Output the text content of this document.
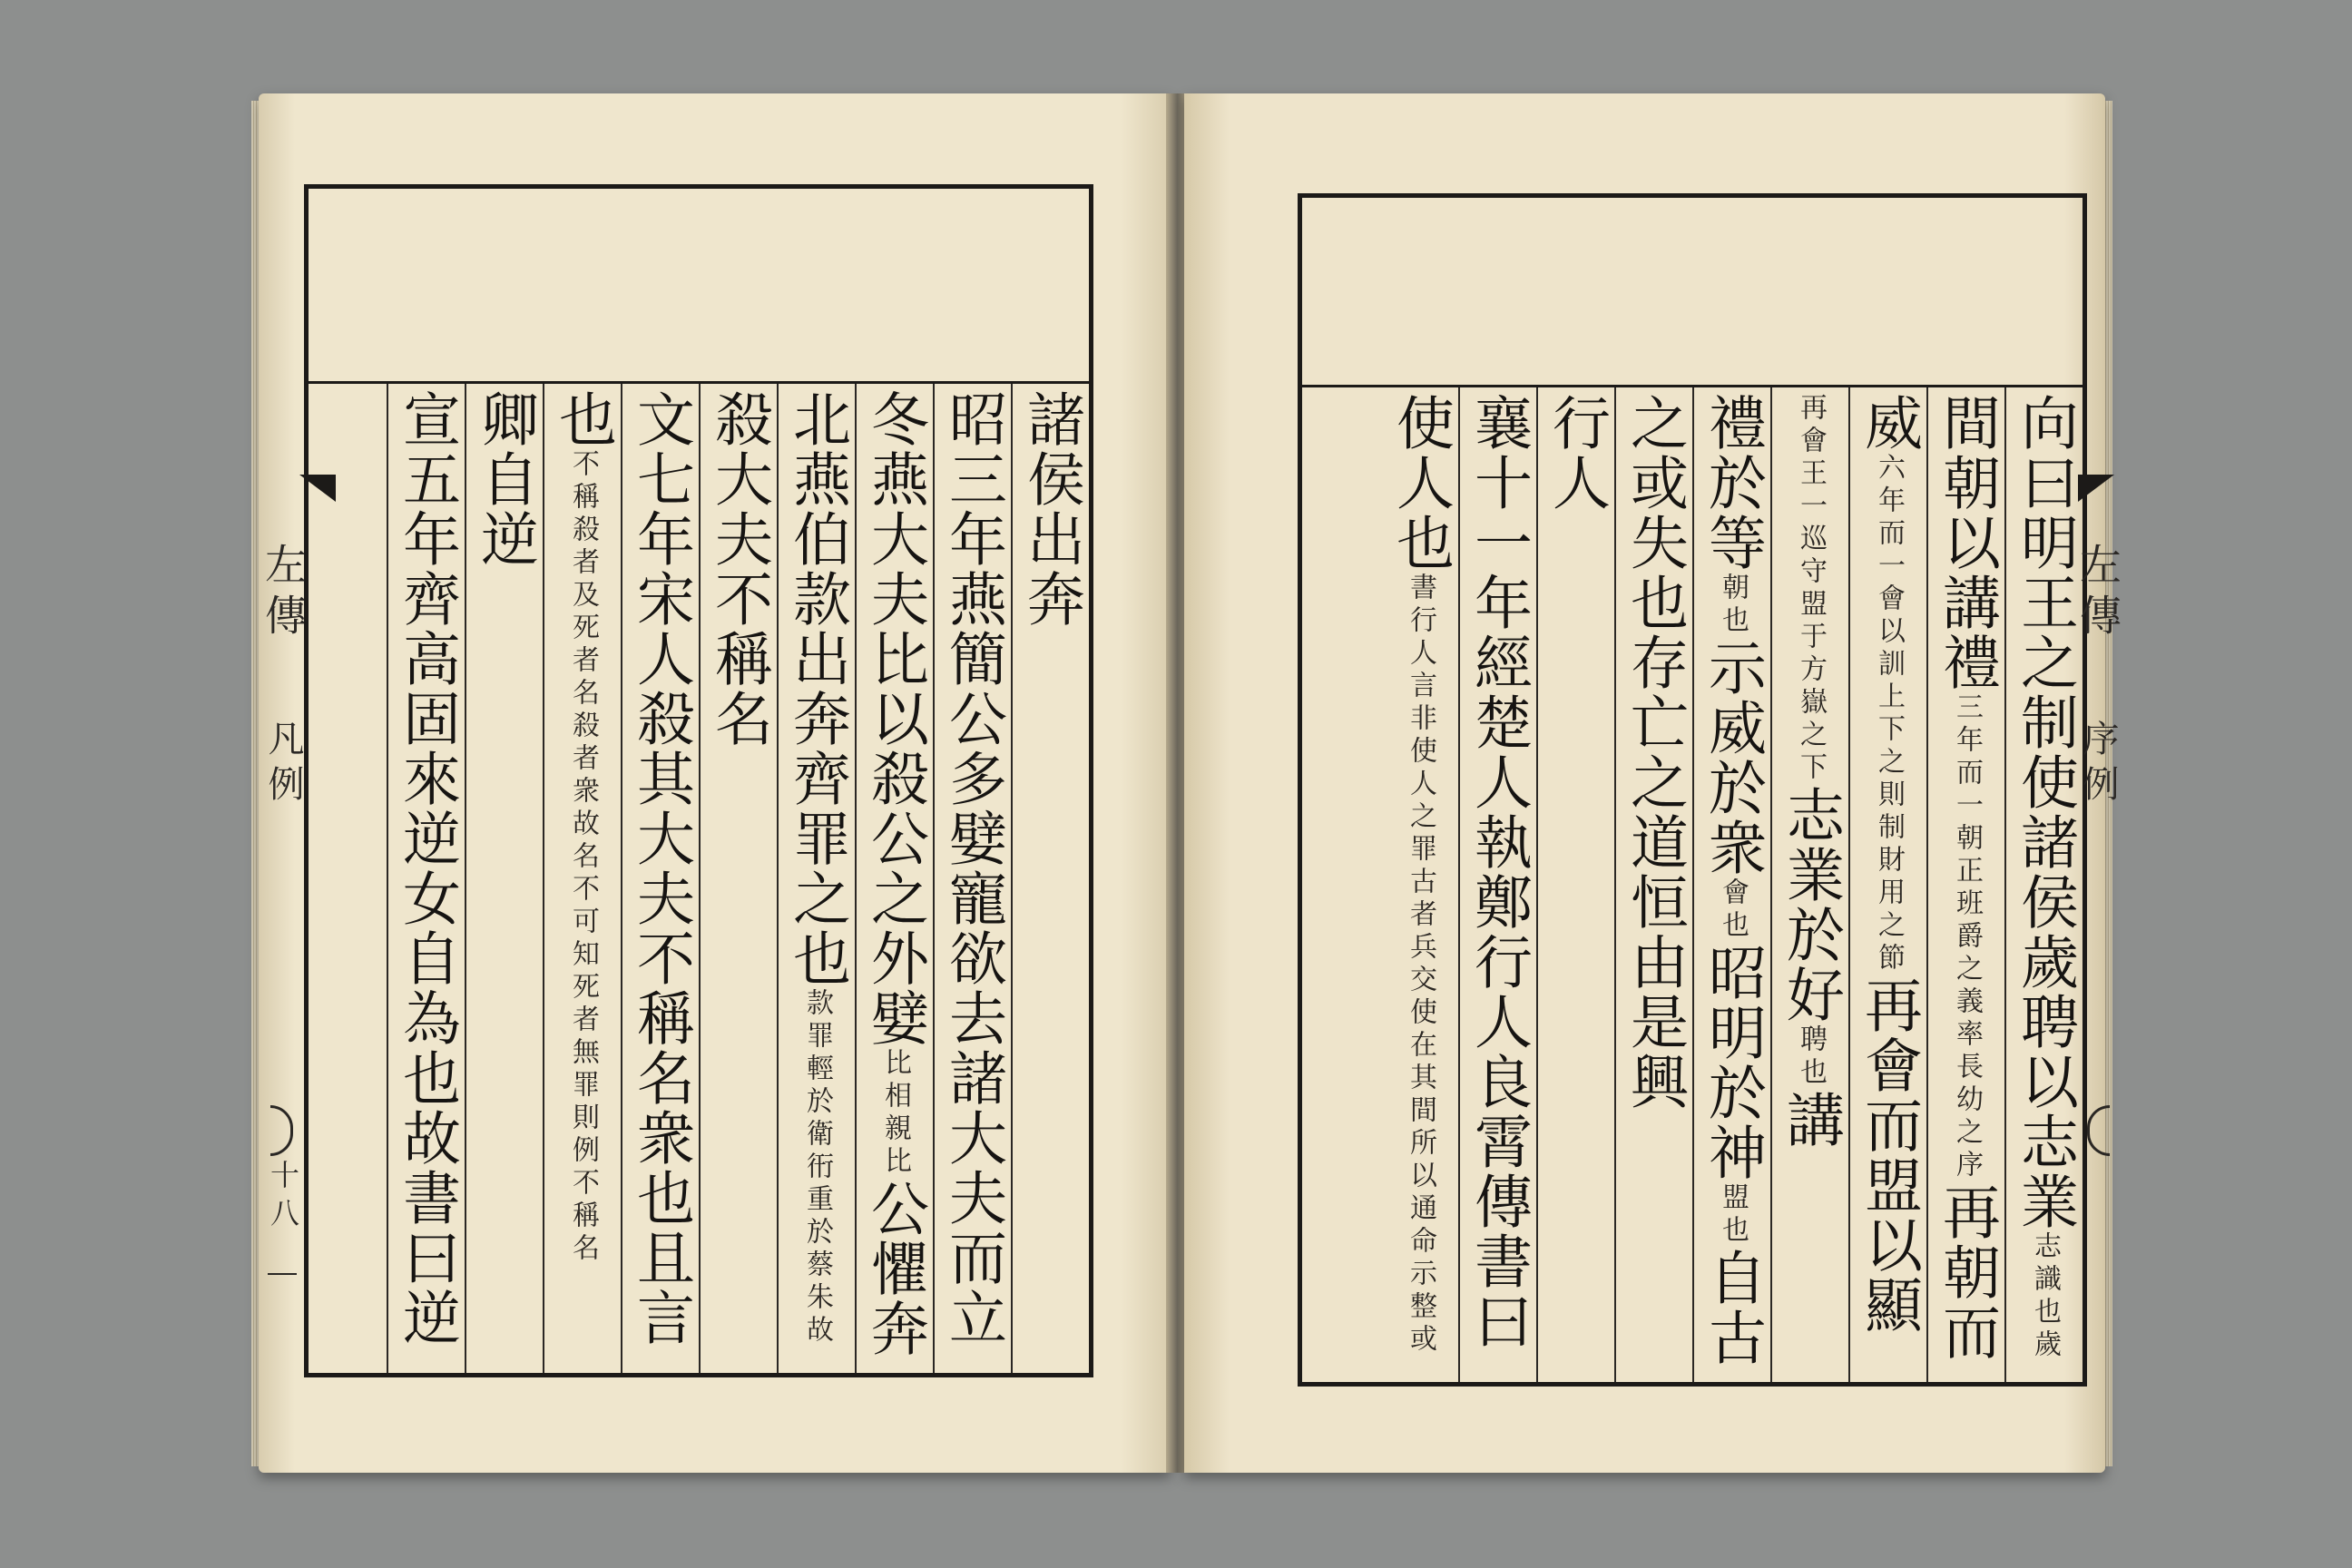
左傳
凡例
十八
諸侯出奔
昭三年燕簡公多嬖寵欲去諸大夫而立
冬燕大夫比以殺公之外嬖比相親比公懼奔
北燕伯款出奔齊罪之也款罪輕於衛衎重於蔡朱故
殺大夫不稱名
文七年宋人殺其大夫不稱名衆也且言
也不稱殺者及死者名殺者衆故名不可知死者無罪則例不稱名
卿自逆
宣五年齊高固來逆女自為也故書曰逆
向曰明王之制使諸侯歲聘以志業志識也歲
間朝以講禮三年而一朝正班爵之義率長幼之序再朝而
威六年而一會以訓上下之則制財用之節再會而盟以顯
再會王一巡守盟于方嶽之下志業於好聘也講
禮於等朝也示威於衆會也昭明於神盟也自古
之或失也存亡之道恒由是興
行人
襄十一年經楚人執鄭行人良霄傳書曰
使人也書行人言非使人之罪古者兵交使在其間所以通命示整或
左傳
序例
